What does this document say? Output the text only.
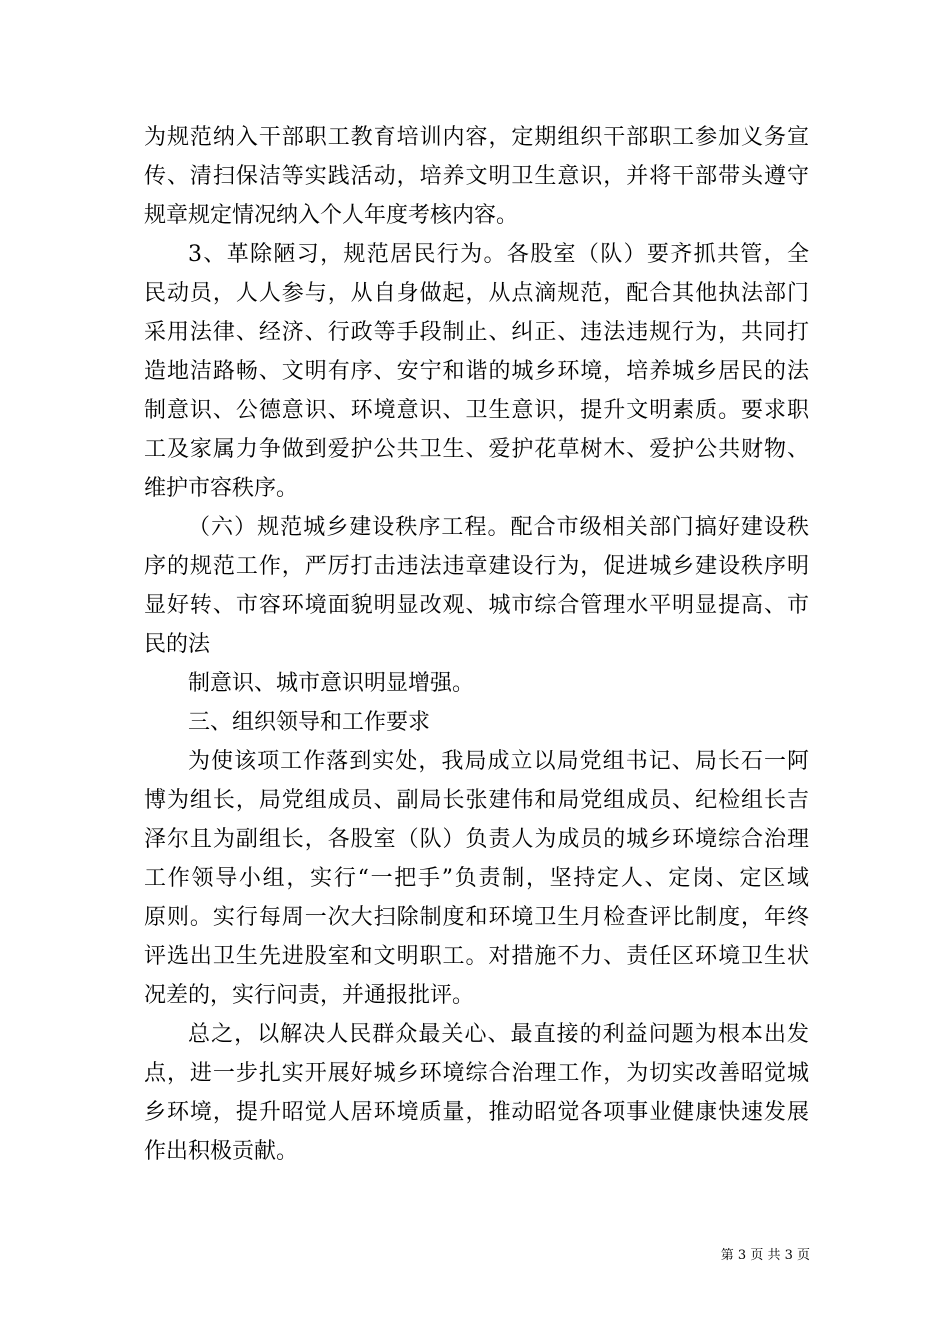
为规范纳入干部职工教育培训内容，定期组织干部职工参加义务宣
传、清扫保洁等实践活动，培养文明卫生意识，并将干部带头遵守
规章规定情况纳入个人年度考核内容。
3、革除陋习，规范居民行为。各股室（队）要齐抓共管，全
民动员，人人参与，从自身做起，从点滴规范，配合其他执法部门
采用法律、经济、行政等手段制止、纠正、违法违规行为，共同打
造地洁路畅、文明有序、安宁和谐的城乡环境，培养城乡居民的法
制意识、公德意识、环境意识、卫生意识，提升文明素质。要求职
工及家属力争做到爱护公共卫生、爱护花草树木、爱护公共财物、
维护市容秩序。
（六）规范城乡建设秩序工程。配合市级相关部门搞好建设秩
序的规范工作，严厉打击违法违章建设行为，促进城乡建设秩序明
显好转、市容环境面貌明显改观、城市综合管理水平明显提高、市
民的法
制意识、城市意识明显增强。
三、组织领导和工作要求
为使该项工作落到实处，我局成立以局党组书记、局长石一阿
博为组长，局党组成员、副局长张建伟和局党组成员、纪检组长吉
泽尔且为副组长，各股室（队）负责人为成员的城乡环境综合治理
工作领导小组，实行“一把手”负责制，坚持定人、定岗、定区域
原则。实行每周一次大扫除制度和环境卫生月检查评比制度，年终
评选出卫生先进股室和文明职工。对措施不力、责任区环境卫生状
况差的，实行问责，并通报批评。
总之，以解决人民群众最关心、最直接的利益问题为根本出发
点，进一步扎实开展好城乡环境综合治理工作，为切实改善昭觉城
乡环境，提升昭觉人居环境质量，推动昭觉各项事业健康快速发展
作出积极贡献。
第 3 页 共 3 页
